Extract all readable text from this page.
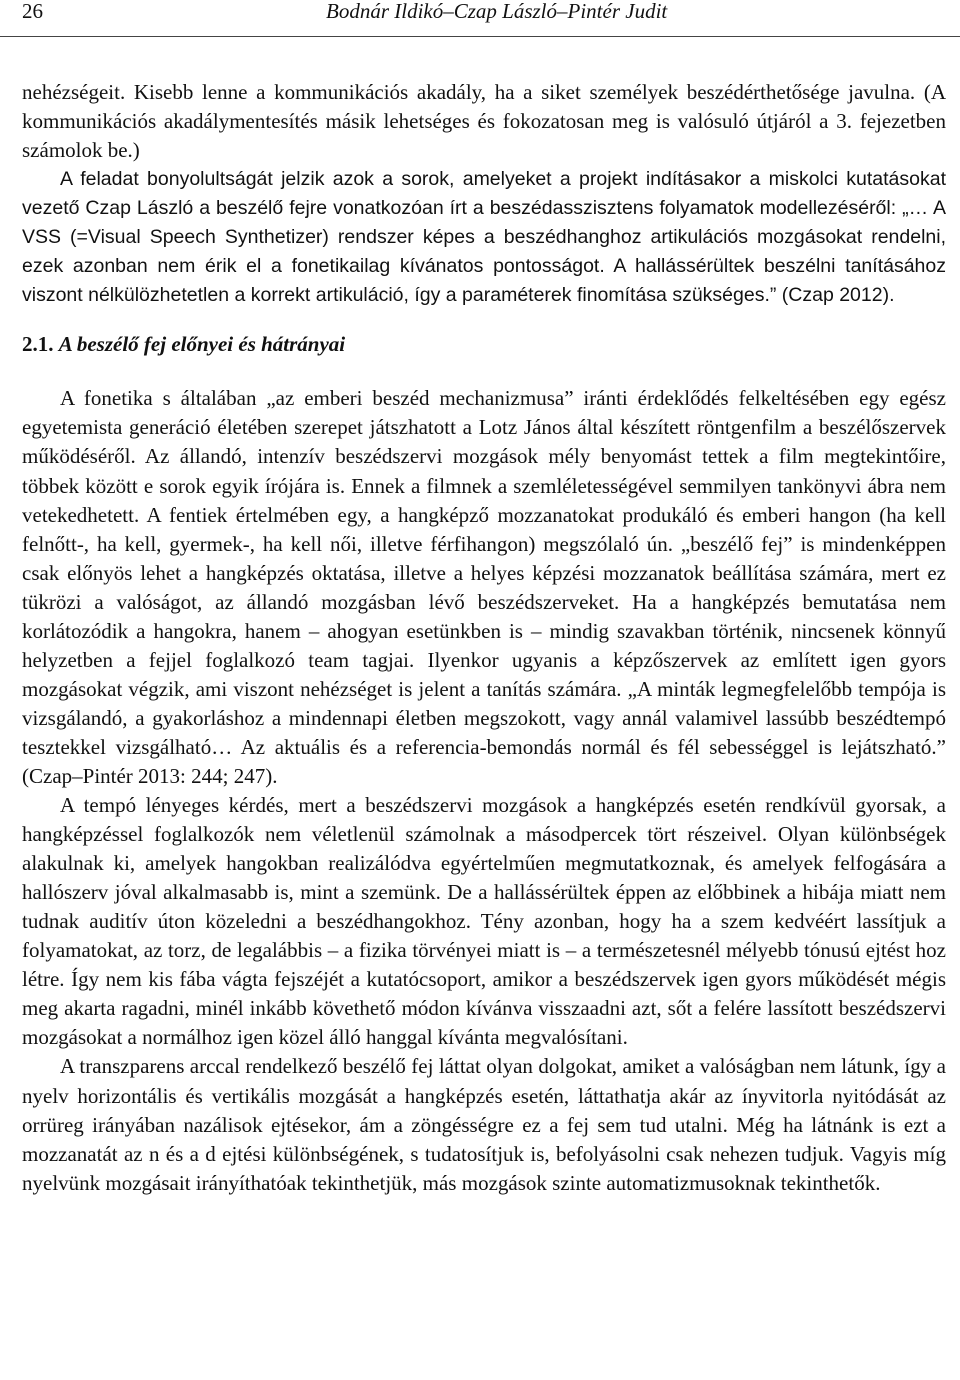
26	Bodnár Ildikó–Czap László–Pintér Judit

nehézségeit. Kisebb lenne a kommunikációs akadály, ha a siket személyek beszédérthetősége javulna. (A kommunikációs akadálymentesítés másik lehetséges és fokozatosan meg is valósuló útjáról a 3. fejezetben számolok be.)

A feladat bonyolultságát jelzik azok a sorok, amelyeket a projekt indításakor a miskolci kutatásokat vezető Czap László a beszélő fejre vonatkozóan írt a beszédasszisztens folyamatok modellezéséről: „… A VSS (=Visual Speech Synthetizer) rendszer képes a beszédhanghoz artikulációs mozgásokat rendelni, ezek azonban nem érik el a fonetikailag kívánatos pontosságot. A hallássérültek beszélni tanításához viszont nélkülözhetetlen a korrekt artikuláció, így a paraméterek finomítása szükséges.” (Czap 2012).

2.1. A beszélő fej előnyei és hátrányai

A fonetika s általában „az emberi beszéd mechanizmusa” iránti érdeklődés felkeltésében egy egész egyetemista generáció életében szerepet játszhatott a Lotz János által készített röntgenfilm a beszélőszervek működéséről. Az állandó, intenzív beszédszervi mozgások mély benyomást tettek a film megtekintőire, többek között e sorok egyik írójára is. Ennek a filmnek a szemléletességével semmilyen tankönyvi ábra nem vetekedhetett. A fentiek értelmében egy, a hangképző mozzanatokat produkáló és emberi hangon (ha kell felnőtt-, ha kell, gyermek-, ha kell női, illetve férfihangon) megszólaló ún. „beszélő fej” is mindenképpen csak előnyös lehet a hangképzés oktatása, illetve a helyes képzési mozzanatok beállítása számára, mert ez tükrözi a valóságot, az állandó mozgásban lévő beszédszerveket. Ha a hangképzés bemutatása nem korlátozódik a hangokra, hanem – ahogyan esetünkben is – mindig szavakban történik, nincsenek könnyű helyzetben a fejjel foglalkozó team tagjai. Ilyenkor ugyanis a képzőszervek az említett igen gyors mozgásokat végzik, ami viszont nehézséget is jelent a tanítás számára. „A minták legmegfelelőbb tempója is vizsgálandó, a gyakorláshoz a mindennapi életben megszokott, vagy annál valamivel lassúbb beszédtempó tesztekkel vizsgálható… Az aktuális és a referencia-bemondás normál és fél sebességgel is lejátszható.” (Czap–Pintér 2013: 244; 247).

A tempó lényeges kérdés, mert a beszédszervi mozgások a hangképzés esetén rendkívül gyorsak, a hangképzéssel foglalkozók nem véletlenül számolnak a másodpercek tört részeivel. Olyan különbségek alakulnak ki, amelyek hangokban realizálódva egyértelműen megmutatkoznak, és amelyek felfogására a hallószerv jóval alkalmasabb is, mint a szemünk. De a hallássérültek éppen az előbbinek a hibája miatt nem tudnak auditív úton közeledni a beszédhangokhoz. Tény azonban, hogy ha a szem kedvéért lassítjuk a folyamatokat, az torz, de legalábbis – a fizika törvényei miatt is – a természetesnél mélyebb tónusú ejtést hoz létre. Így nem kis fába vágta fejszéjét a kutatócsoport, amikor a beszédszervek igen gyors működését mégis meg akarta ragadni, minél inkább követhető módon kívánva visszaadni azt, sőt a felére lassított beszédszervi mozgásokat a normálhoz igen közel álló hanggal kívánta megvalósítani.

A transzparens arccal rendelkező beszélő fej láttat olyan dolgokat, amiket a valóságban nem látunk, így a nyelv horizontális és vertikális mozgását a hangképzés esetén, láttathatja akár az ínyvitorla nyitódását az orrüreg irányában nazálisok ejtésekor, ám a zöngésségre ez a fej sem tud utalni. Még ha látnánk is ezt a mozzanatát az n és a d ejtési különbségének, s tudatosítjuk is, befolyásolni csak nehezen tudjuk. Vagyis míg nyelvünk mozgásait irányíthatóak tekinthetjük, más mozgások szinte automatizmusoknak tekinthetők.
